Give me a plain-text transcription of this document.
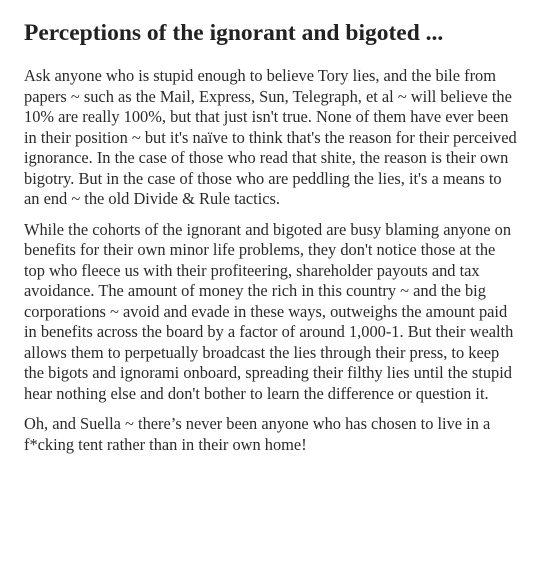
Perceptions of the ignorant and bigoted ...

Ask anyone who is stupid enough to believe Tory lies, and the bile from papers ~ such as the Mail, Express, Sun, Telegraph, et al ~ will believe the 10% are really 100%, but that just isn't true. None of them have ever been in their position ~ but it's naïve to think that's the reason for their perceived ignorance. In the case of those who read that shite, the reason is their own bigotry. But in the case of those who are peddling the lies, it's a means to an end ~ the old Divide & Rule tactics.

While the cohorts of the ignorant and bigoted are busy blaming anyone on benefits for their own minor life problems, they don't notice those at the top who fleece us with their profiteering, shareholder payouts and tax avoidance. The amount of money the rich in this country ~ and the big corporations ~ avoid and evade in these ways, outweighs the amount paid in benefits across the board by a factor of around 1,000-1. But their wealth allows them to perpetually broadcast the lies through their press, to keep the bigots and ignorami onboard, spreading their filthy lies until the stupid hear nothing else and don't bother to learn the difference or question it.

Oh, and Suella ~ there’s never been anyone who has chosen to live in a f*cking tent rather than in their own home!
